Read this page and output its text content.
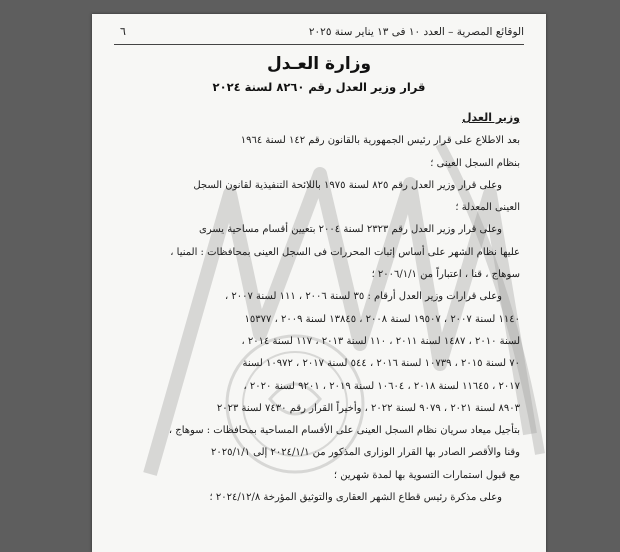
الوقائع المصرية – العدد ١٠ فى ١٣ يناير سنة ٢٠٢٥
٦
وزارة العـدل
قرار وزير العدل رقم ٨٢٦٠ لسنة ٢٠٢٤

وزير العدل

بعد الاطلاع على قرار رئيس الجمهورية بالقانون رقم ١٤٢ لسنة ١٩٦٤
بنظام السجل العينى ؛
وعلى قرار وزير العدل رقم ٨٢٥ لسنة ١٩٧٥ باللائحة التنفيذية لقانون السجل
العينى المعدلة ؛
وعلى قرار وزير العدل رقم ٢٣٢٣ لسنة ٢٠٠٤ بتعيين أقسام مساحية يسرى
عليها نظام الشهر على أساس إثبات المحررات فى السجل العينى بمحافظات : المنيا ،
سوهاج ، قنا ، اعتباراً من ٢٠٠٦/١/١ ؛
وعلى قرارات وزير العدل أرقام : ٣٥ لسنة ٢٠٠٦ ، ١١١ لسنة ٢٠٠٧ ،
١١٤٠ لسنة ٢٠٠٧ ، ١٩٥٠٧ لسنة ٢٠٠٨ ، ١٣٨٤٥ لسنة ٢٠٠٩ ، ١٥٣٧٧
لسنة ٢٠١٠ ، ١٤٨٧ لسنة ٢٠١١ ، ١١٠ لسنة ٢٠١٣ ، ١١٧ لسنة ٢٠١٤ ،
٧٠ لسنة ٢٠١٥ ، ١٠٧٣٩ لسنة ٢٠١٦ ، ٥٤٤ لسنة ٢٠١٧ ، ١٠٩٧٢ لسنة
٢٠١٧ ، ١١٦٤٥ لسنة ٢٠١٨ ، ١٠٦٠٤ لسنة ٢٠١٩ ، ٩٢٠١ لسنة ٢٠٢٠ ،
٨٩٠٣ لسنة ٢٠٢١ ، ٩٠٧٩ لسنة ٢٠٢٢ ، وأخيراً القرار رقم ٧٤٣٠ لسنة ٢٠٢٣
بتأجيل ميعاد سريان نظام السجل العينى على الأقسام المساحية بمحافظات : سوهاج ،
وقنا والأقصر الصادر بها القرار الوزارى المذكور من ٢٠٢٤/١/١ إلى ٢٠٢٥/١/١
مع قبول استمارات التسوية بها لمدة شهرين ؛
وعلى مذكرة رئيس قطاع الشهر العقارى والتوثيق المؤرخة ٢٠٢٤/١٢/٨ ؛
